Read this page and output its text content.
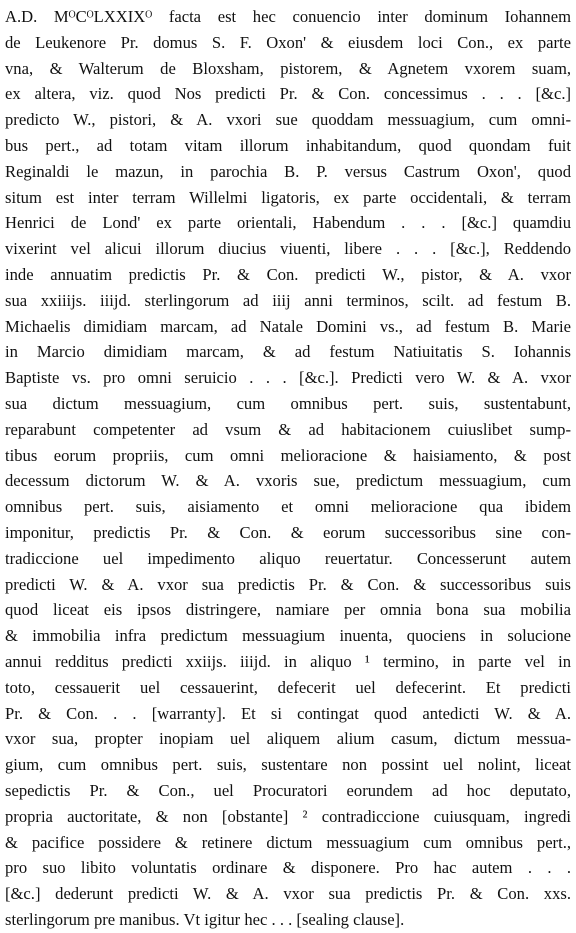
A.D. MᴼCᴼLXXIXᴼ facta est hec conuencio inter dominum Iohannem
de Leukenore Pr. domus S. F. Oxon' & eiusdem loci Con., ex parte
vna, & Walterum de Bloxsham, pistorem, & Agnetem vxorem suam,
ex altera, viz. quod Nos predicti Pr. & Con. concessimus . . . [&c.]
predicto W., pistori, & A. vxori sue quoddam messuagium, cum omni-
bus pert., ad totam vitam illorum inhabitandum, quod quondam fuit
Reginaldi le mazun, in parochia B. P. versus Castrum Oxon', quod
situm est inter terram Willelmi ligatoris, ex parte occidentali, & terram
Henrici de Lond' ex parte orientali, Habendum . . . [&c.] quamdiu
vixerint vel alicui illorum diucius viuenti, libere . . . [&c.], Reddendo
inde annuatim predictis Pr. & Con. predicti W., pistor, & A. vxor
sua xxiiijs. iiijd. sterlingorum ad iiij anni terminos, scilt. ad festum B.
Michaelis dimidiam marcam, ad Natale Domini vs., ad festum B. Marie
in Marcio dimidiam marcam, & ad festum Natiuitatis S. Iohannis
Baptiste vs. pro omni seruicio . . . [&c.]. Predicti vero W. & A. vxor
sua dictum messuagium, cum omnibus pert. suis, sustentabunt,
reparabunt competenter ad vsum & ad habitacionem cuiuslibet sump-
tibus eorum propriis, cum omni melioracione & haisiamento, & post
decessum dictorum W. & A. vxoris sue, predictum messuagium, cum
omnibus pert. suis, aisiamento et omni melioracione qua ibidem
imponitur, predictis Pr. & Con. & eorum successoribus sine con-
tradiccione uel impedimento aliquo reuertatur. Concesserunt autem
predicti W. & A. vxor sua predictis Pr. & Con. & successoribus suis
quod liceat eis ipsos distringere, namiare per omnia bona sua mobilia
& immobilia infra predictum messuagium inuenta, quociens in solucione
annui redditus predicti xxiijs. iiijd. in aliquo ¹ termino, in parte vel in
toto, cessauerit uel cessauerint, defecerit uel defecerint. Et predicti
Pr. & Con. . . [warranty]. Et si contingat quod antedicti W. & A.
vxor sua, propter inopiam uel aliquem alium casum, dictum messua-
gium, cum omnibus pert. suis, sustentare non possint uel nolint, liceat
sepedictis Pr. & Con., uel Procuratori eorundem ad hoc deputato,
propria auctoritate, & non [obstante] ² contradiccione cuiusquam, ingredi
& pacifice possidere & retinere dictum messuagium cum omnibus pert.,
pro suo libito voluntatis ordinare & disponere. Pro hac autem . . .
[&c.] dederunt predicti W. & A. vxor sua predictis Pr. & Con. xxs.
sterlingorum pre manibus. Vt igitur hec . . . [sealing clause].
